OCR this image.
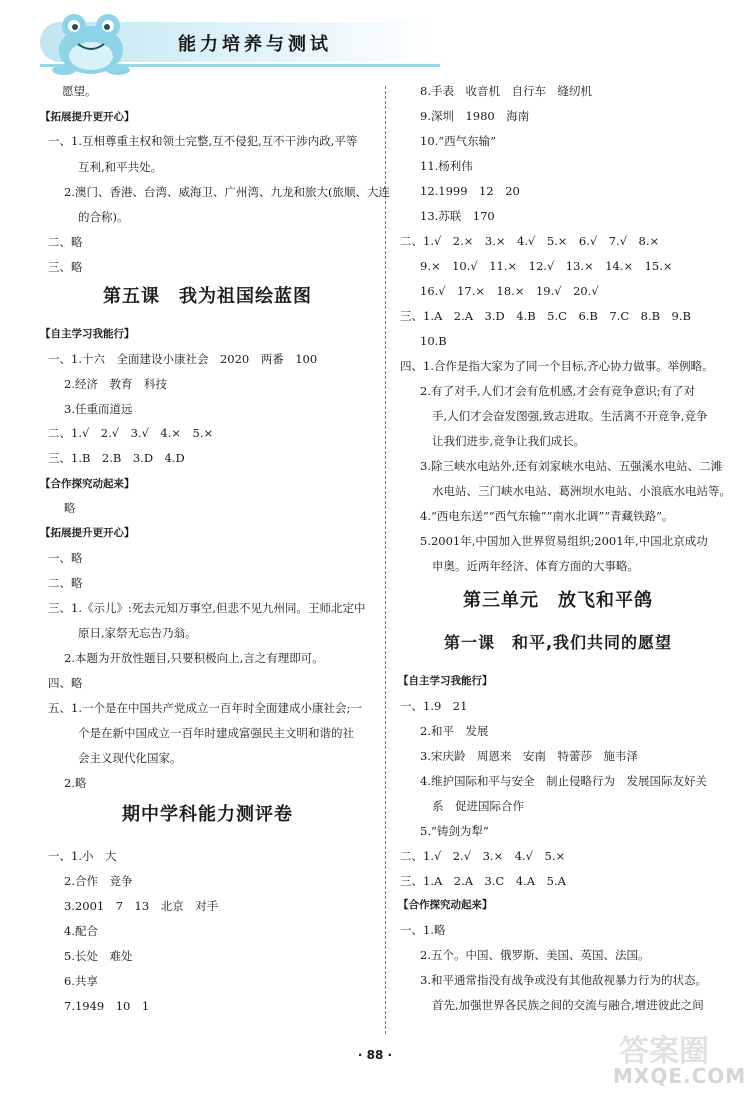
能力培养与测试
愿望。
【拓展提升更开心】
一、1.互相尊重主权和领土完整,互不侵犯,互不干涉内政,平等
互利,和平共处。
2.澳门、香港、台湾、威海卫、广州湾、九龙和旅大(旅顺、大连
的合称)。
二、略
三、略
第五课　我为祖国绘蓝图
【自主学习我能行】
一、1.十六　全面建设小康社会　2020　两番　100
2.经济　教育　科技
3.任重而道远
二、1.√　2.√　3.√　4.×　5.×
三、1.B　2.B　3.D　4.D
【合作探究动起来】
略
【拓展提升更开心】
一、略
二、略
三、1.《示儿》:死去元知万事空,但悲不见九州同。王师北定中
原日,家祭无忘告乃翁。
2.本题为开放性题目,只要积极向上,言之有理即可。
四、略
五、1.一个是在中国共产党成立一百年时全面建成小康社会;一
个是在新中国成立一百年时建成富强民主文明和谐的社
会主义现代化国家。
2.略
期中学科能力测评卷
一、1.小　大
2.合作　竞争
3.2001　7　13　北京　对手
4.配合
5.长处　难处
6.共享
7.1949　10　1
8.手表　收音机　自行车　缝纫机
9.深圳　1980　海南
10.“西气东输”
11.杨利伟
12.1999　12　20
13.苏联　170
二、1.√　2.×　3.×　4.√　5.×　6.√　7.√　8.×
9.×　10.√　11.×　12.√　13.×　14.×　15.×
16.√　17.×　18.×　19.√　20.√
三、1.A　2.A　3.D　4.B　5.C　6.B　7.C　8.B　9.B
10.B
四、1.合作是指大家为了同一个目标,齐心协力做事。举例略。
2.有了对手,人们才会有危机感,才会有竞争意识;有了对
手,人们才会奋发图强,致志进取。生活离不开竞争,竞争
让我们进步,竞争让我们成长。
3.除三峡水电站外,还有刘家峡水电站、五强溪水电站、二滩
水电站、三门峡水电站、葛洲坝水电站、小浪底水电站等。
4.“西电东送”“西气东输”“南水北调”“青藏铁路”。
5.2001年,中国加入世界贸易组织;2001年,中国北京成功
申奥。近两年经济、体育方面的大事略。
第三单元　放飞和平鸽
第一课　和平,我们共同的愿望
【自主学习我能行】
一、1.9　21
2.和平　发展
3.宋庆龄　周恩来　安南　特蕾莎　施韦泽
4.维护国际和平与安全　制止侵略行为　发展国际友好关
系　促进国际合作
5.“铸剑为犁”
二、1.√　2.√　3.×　4.√　5.×
三、1.A　2.A　3.C　4.A　5.A
【合作探究动起来】
一、1.略
2.五个。中国、俄罗斯、美国、英国、法国。
3.和平通常指没有战争或没有其他敌视暴力行为的状态。
首先,加强世界各民族之间的交流与融合,增进彼此之间
· 88 ·	答案圈
MXQE.COM
